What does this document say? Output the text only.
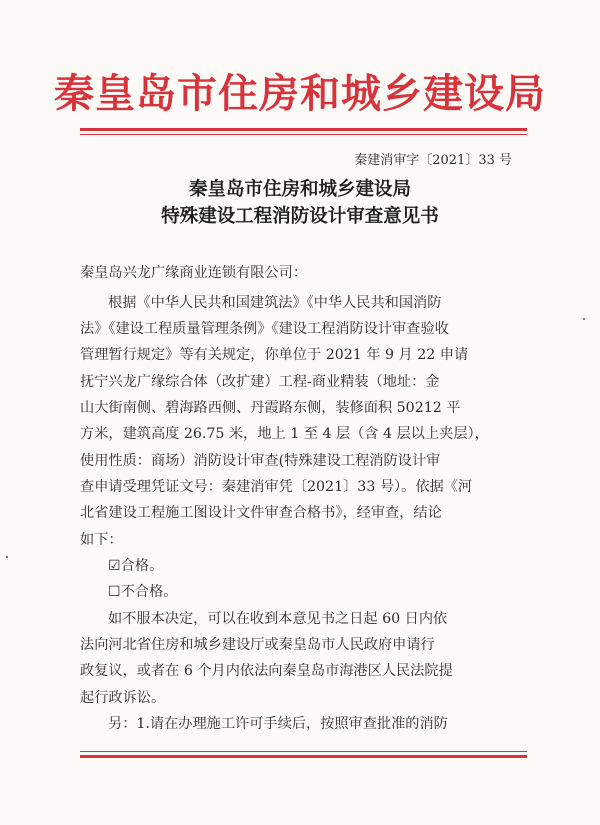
秦皇岛市住房和城乡建设局
秦建消审字〔2021〕33 号
秦皇岛市住房和城乡建设局
特殊建设工程消防设计审查意见书
秦皇岛兴龙广缘商业连锁有限公司：
根据《中华人民共和国建筑法》《中华人民共和国消防
法》《建设工程质量管理条例》《建设工程消防设计审查验收
管理暂行规定》等有关规定，你单位于 2021 年 9 月 22 申请
抚宁兴龙广缘综合体（改扩建）工程-商业精装（地址：金
山大街南侧、碧海路西侧、丹霞路东侧，装修面积 50212 平
方米，建筑高度 26.75 米，地上 1 至 4 层（含 4 层以上夹层），
使用性质：商场）消防设计审查(特殊建设工程消防设计审
查申请受理凭证文号：秦建消审凭〔2021〕33 号）。依据《河
北省建设工程施工图设计文件审查合格书》，经审查，结论
如下：
☑合格。
☐不合格。
如不服本决定，可以在收到本意见书之日起 60 日内依
法向河北省住房和城乡建设厅或秦皇岛市人民政府申请行
政复议，或者在 6 个月内依法向秦皇岛市海港区人民法院提
起行政诉讼。
另：1.请在办理施工许可手续后，按照审查批准的消防
